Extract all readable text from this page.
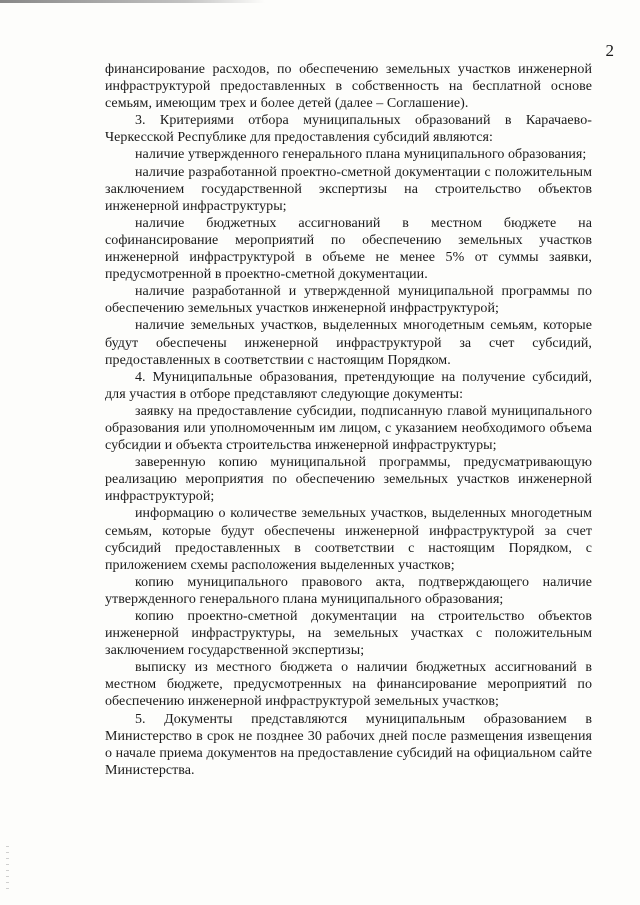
2

финансирование расходов, по обеспечению земельных участков инженерной инфраструктурой предоставленных в собственность на бесплатной основе семьям, имеющим трех и более детей (далее – Соглашение).

3. Критериями отбора муниципальных образований в Карачаево-Черкесской Республике для предоставления субсидий являются:

наличие утвержденного генерального плана муниципального образования;

наличие разработанной проектно-сметной документации с положительным заключением государственной экспертизы на строительство объектов инженерной инфраструктуры;

наличие бюджетных ассигнований в местном бюджете на софинансирование мероприятий по обеспечению земельных участков инженерной инфраструктурой в объеме не менее 5% от суммы заявки, предусмотренной в проектно-сметной документации.

наличие разработанной и утвержденной муниципальной программы по обеспечению земельных участков инженерной инфраструктурой;

наличие земельных участков, выделенных многодетным семьям, которые будут обеспечены инженерной инфраструктурой за счет субсидий, предоставленных в соответствии с настоящим Порядком.

4. Муниципальные образования, претендующие на получение субсидий, для участия в отборе представляют следующие документы:

заявку на предоставление субсидии, подписанную главой муниципального образования или уполномоченным им лицом, с указанием необходимого объема субсидии и объекта строительства инженерной инфраструктуры;

заверенную копию муниципальной программы, предусматривающую реализацию мероприятия по обеспечению земельных участков инженерной инфраструктурой;

информацию о количестве земельных участков, выделенных многодетным семьям, которые будут обеспечены инженерной инфраструктурой за счет субсидий предоставленных в соответствии с настоящим Порядком, с приложением схемы расположения выделенных участков;

копию муниципального правового акта, подтверждающего наличие утвержденного генерального плана муниципального образования;

копию проектно-сметной документации на строительство объектов инженерной инфраструктуры, на земельных участках с положительным заключением государственной экспертизы;

выписку из местного бюджета о наличии бюджетных ассигнований в местном бюджете, предусмотренных на финансирование мероприятий по обеспечению инженерной инфраструктурой земельных участков;

5. Документы представляются муниципальным образованием в Министерство в срок не позднее 30 рабочих дней после размещения извещения о начале приема документов на предоставление субсидий на официальном сайте Министерства.
